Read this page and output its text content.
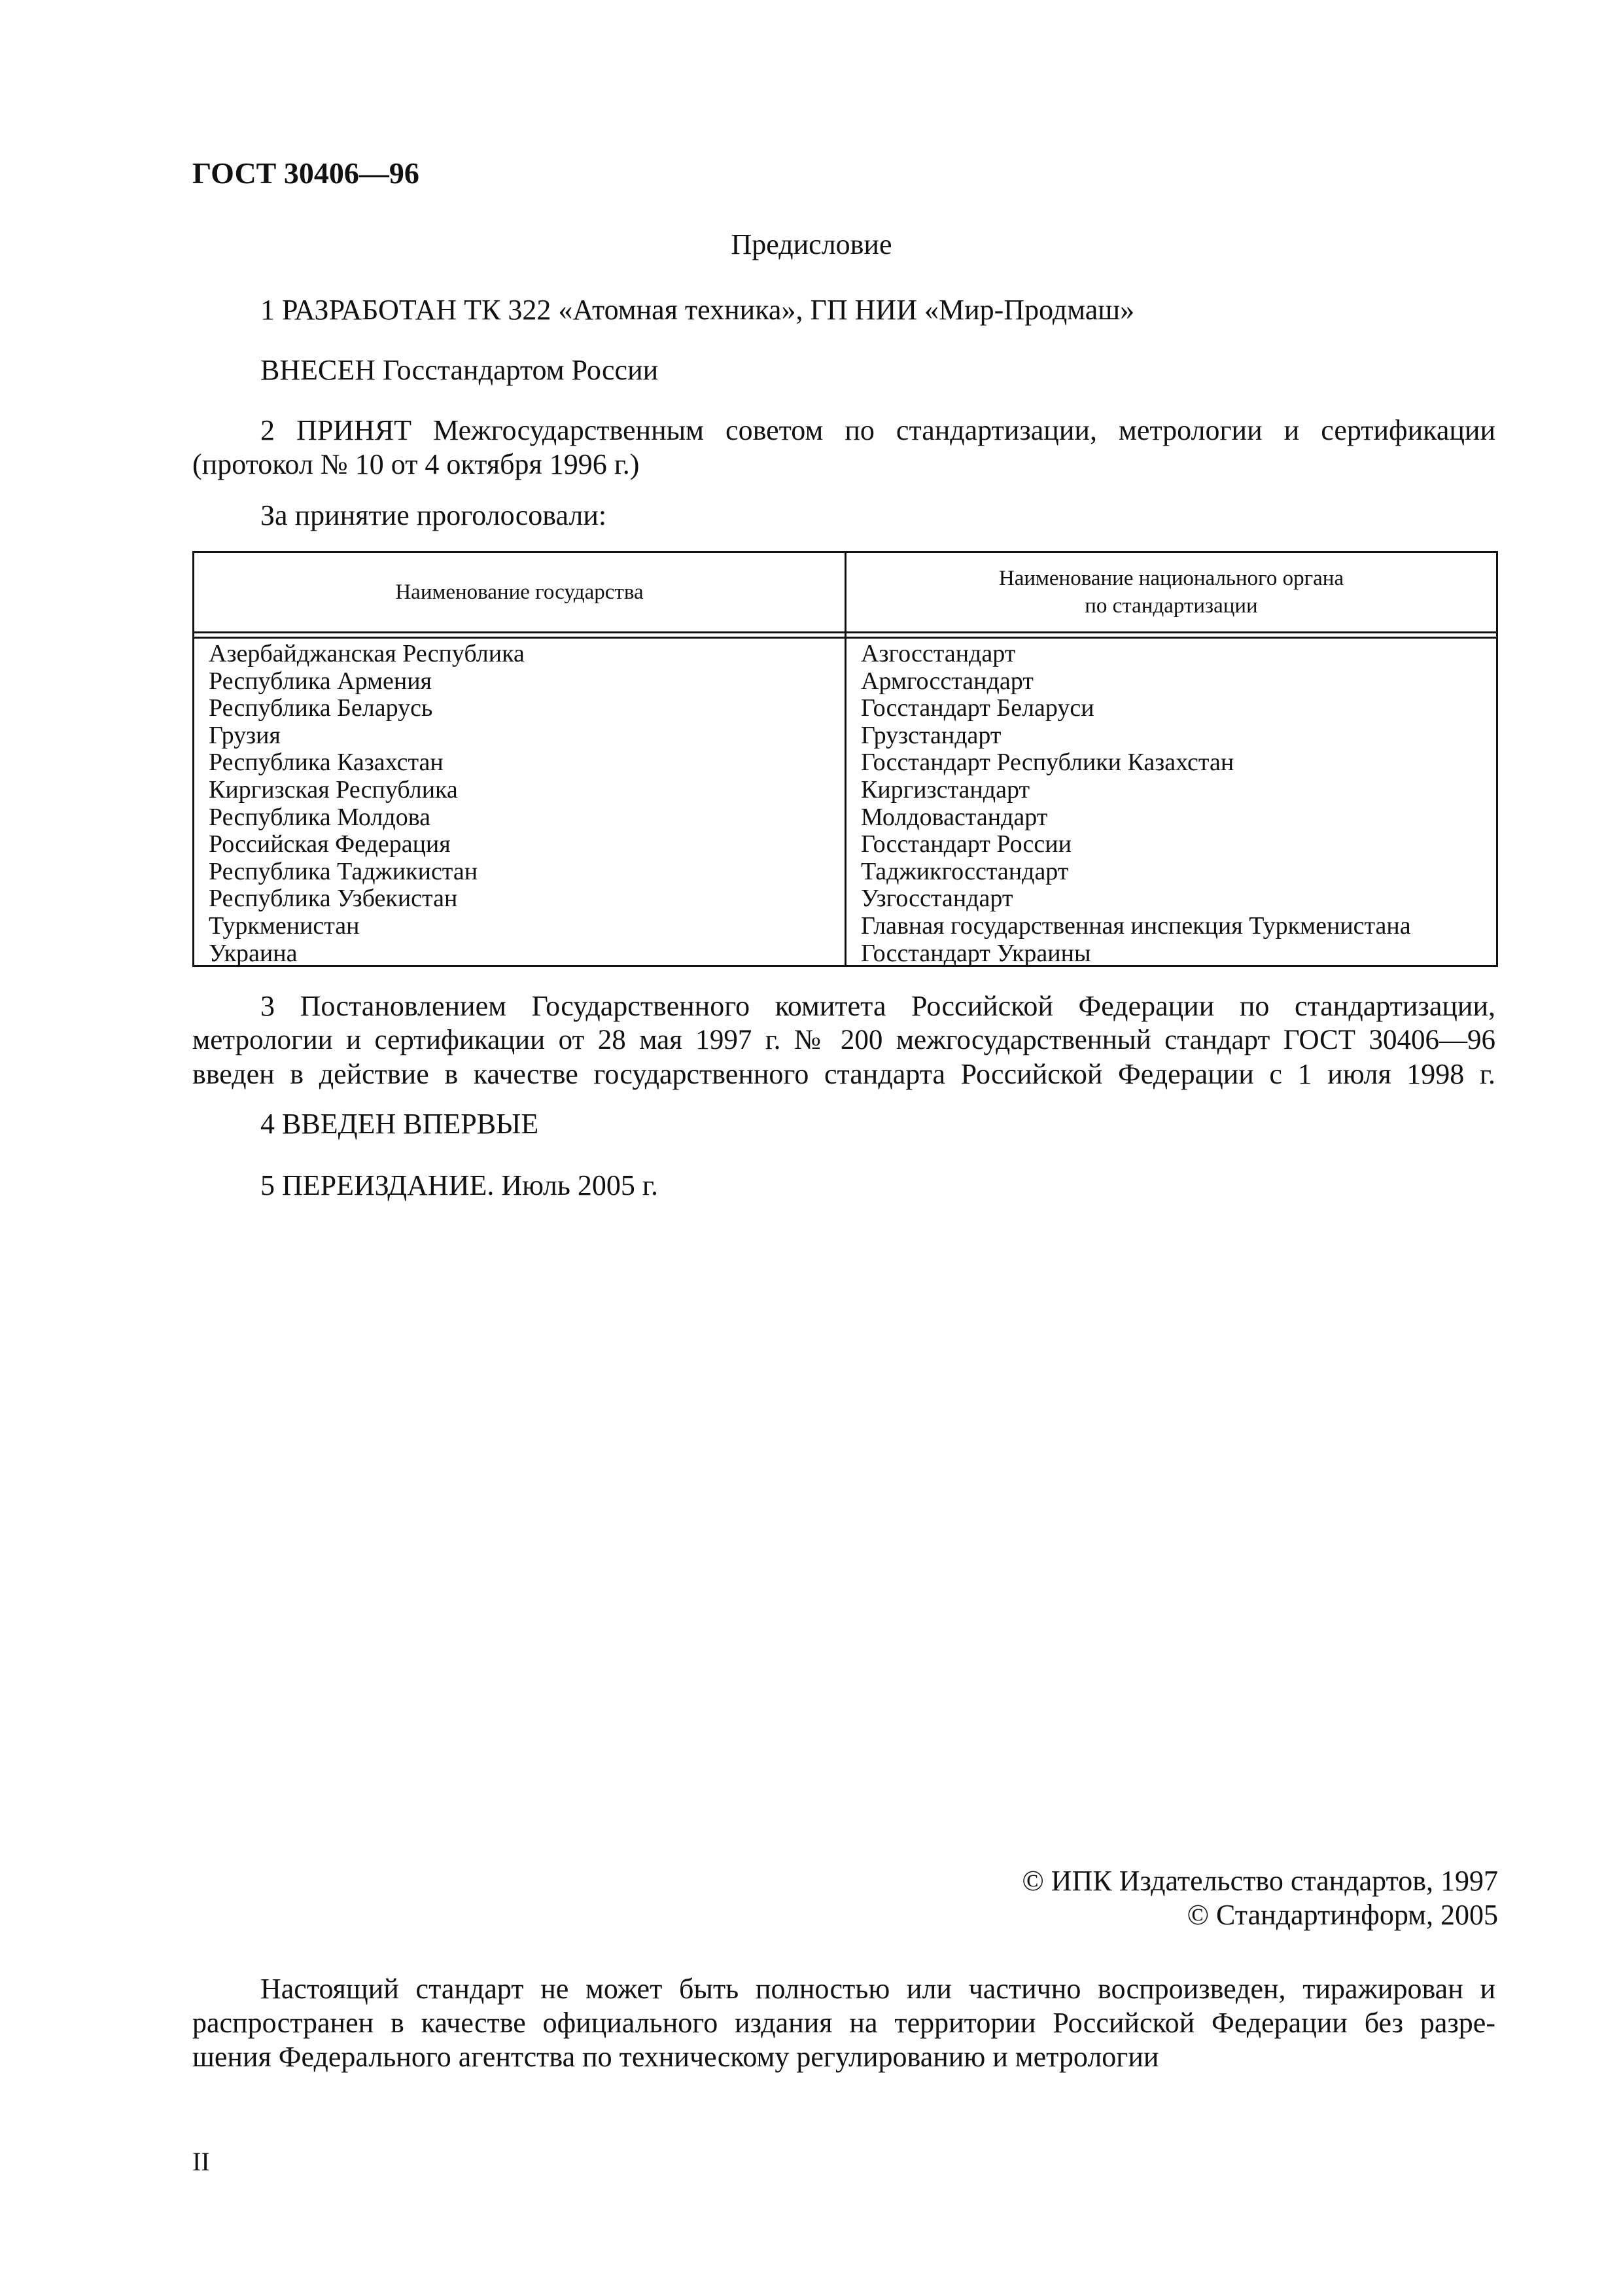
ГОСТ 30406—96
Предисловие

1 РАЗРАБОТАН ТК 322 «Атомная техника», ГП НИИ «Мир-Продмаш»

ВНЕСЕН Госстандартом России

2 ПРИНЯТ Межгосударственным советом по стандартизации, метрологии и сертификации

(протокол № 10 от 4 октября 1996 г.)

За принятие проголосовали:

Наименование государства
Наименование национального органа
по стандартизации
Азербайджанская Республика
Республика Армения
Республика Беларусь
Грузия
Республика Казахстан
Киргизская Республика
Республика Молдова
Российская Федерация
Республика Таджикистан
Республика Узбекистан
Туркменистан
Украина
Азгосстандарт
Армгосстандарт
Госстандарт Беларуси
Грузстандарт
Госстандарт Республики Казахстан
Киргизстандарт
Молдовастандарт
Госстандарт России
Таджикгосстандарт
Узгосстандарт
Главная государственная инспекция Туркменистана
Госстандарт Украины

3 Постановлением Государственного комитета Российской Федерации по стандартизации,

метрологии и сертификации от 28 мая 1997 г. № 200 межгосударственный стандарт ГОСТ 30406—96

введен в действие в качестве государственного стандарта Российской Федерации с 1 июля 1998 г.

4 ВВЕДЕН ВПЕРВЫЕ

5 ПЕРЕИЗДАНИЕ. Июль 2005 г.

© ИПК Издательство стандартов, 1997
© Стандартинформ, 2005

Настоящий стандарт не может быть полностью или частично воспроизведен, тиражирован и

распространен в качестве официального издания на территории Российской Федерации без разре-

шения Федерального агентства по техническому регулированию и метрологии

II
